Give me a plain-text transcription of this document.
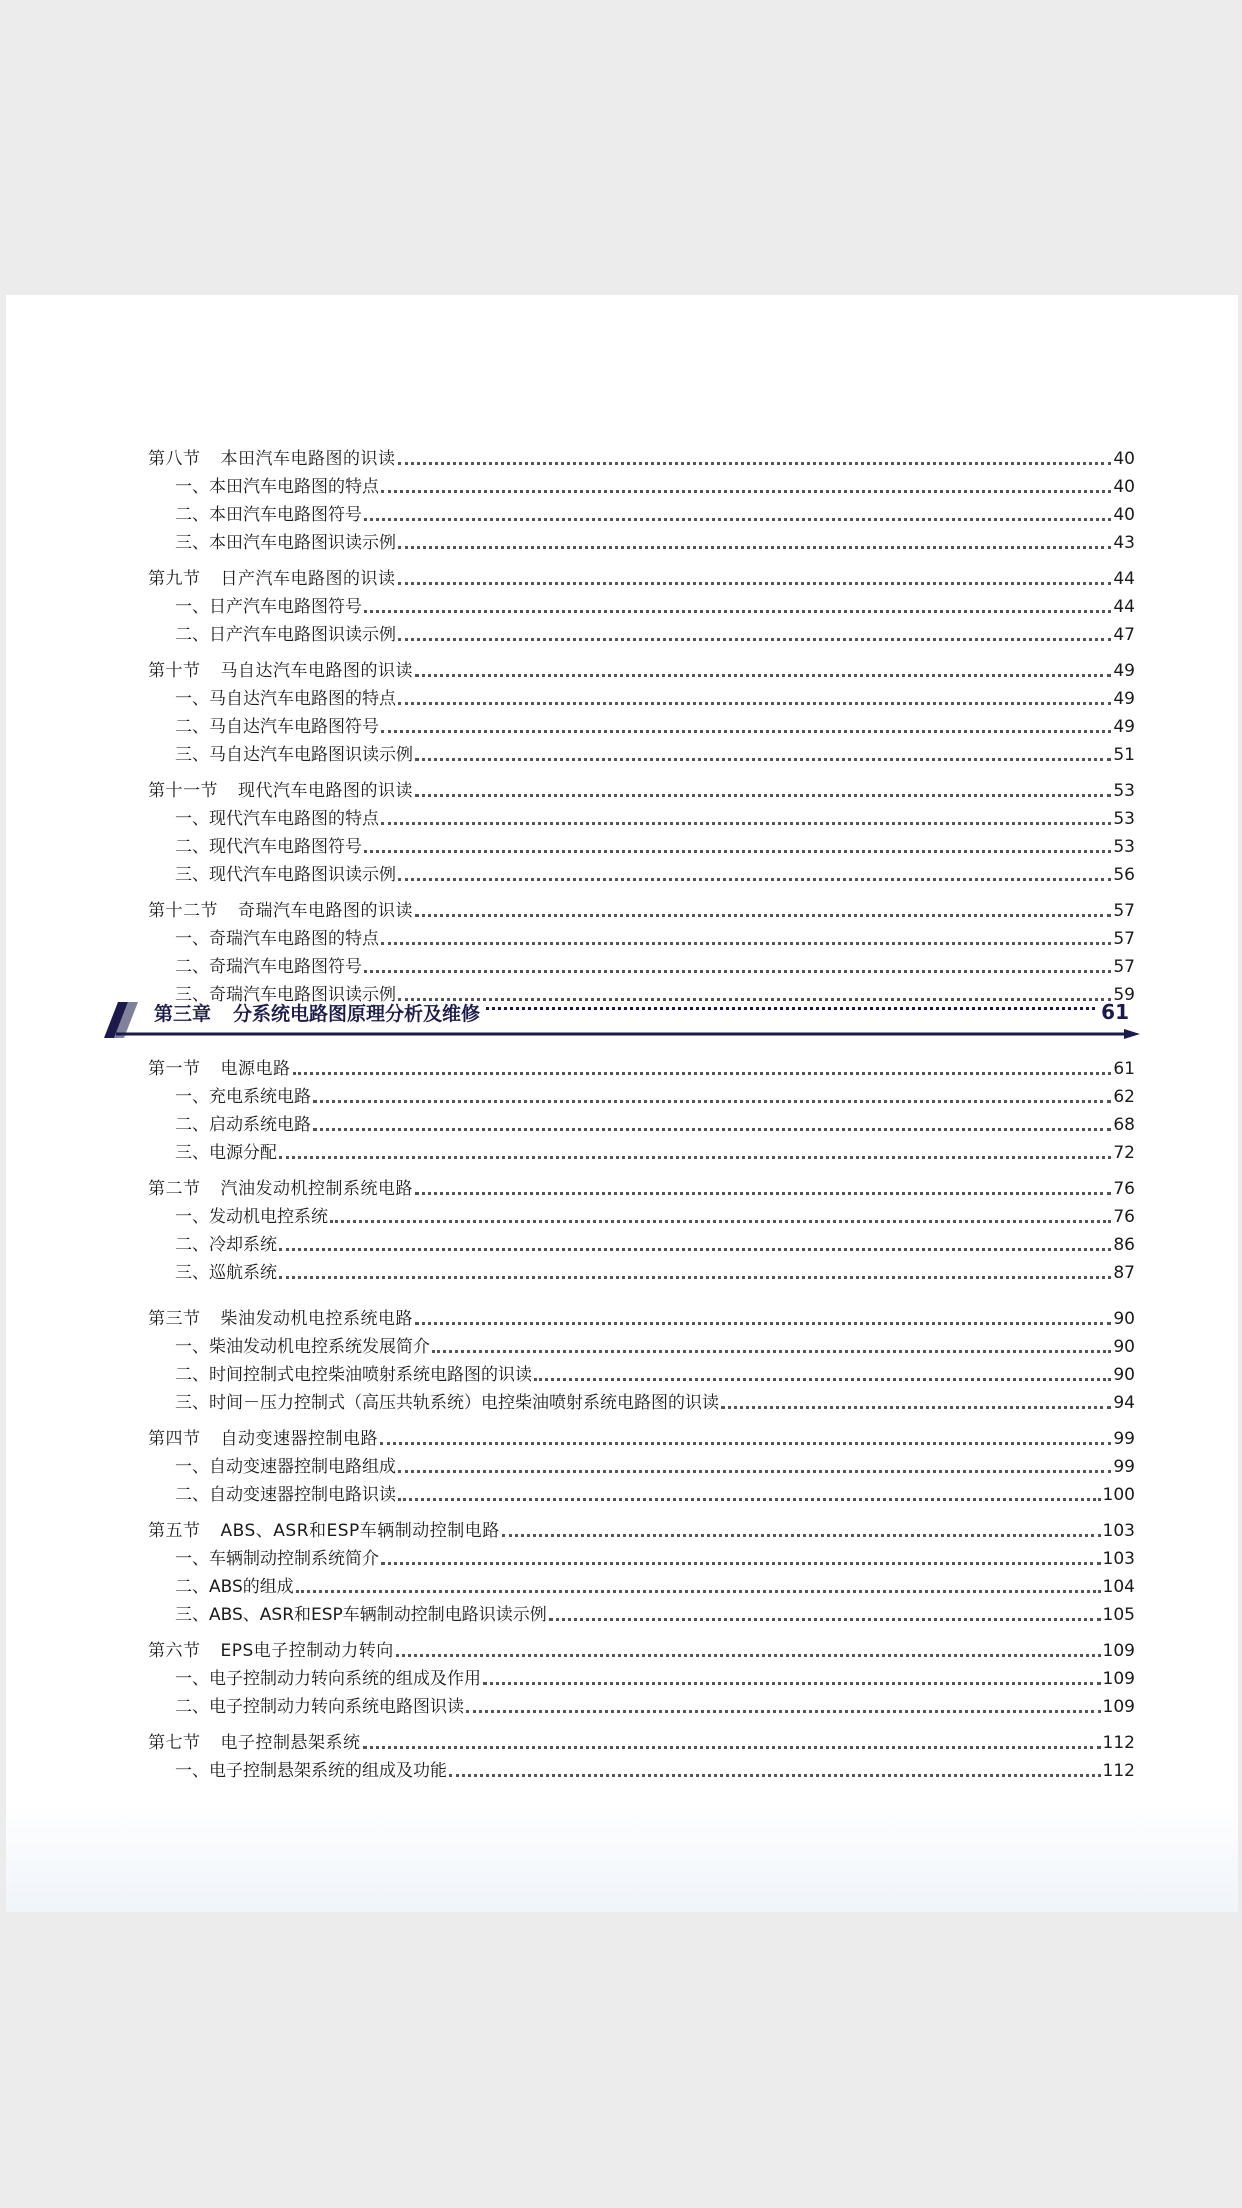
第八节 本田汽车电路图的识读	40
一、本田汽车电路图的特点	40
二、本田汽车电路图符号	40
三、本田汽车电路图识读示例	43
第九节 日产汽车电路图的识读	44
一、日产汽车电路图符号	44
二、日产汽车电路图识读示例	47
第十节 马自达汽车电路图的识读	49
一、马自达汽车电路图的特点	49
二、马自达汽车电路图符号	49
三、马自达汽车电路图识读示例	51
第十一节 现代汽车电路图的识读	53
一、现代汽车电路图的特点	53
二、现代汽车电路图符号	53
三、现代汽车电路图识读示例	56
第十二节 奇瑞汽车电路图的识读	57
一、奇瑞汽车电路图的特点	57
二、奇瑞汽车电路图符号	57
三、奇瑞汽车电路图识读示例	59
第三章 分系统电路图原理分析及维修	61
第一节 电源电路	61
一、充电系统电路	62
二、启动系统电路	68
三、电源分配	72
第二节 汽油发动机控制系统电路	76
一、发动机电控系统	76
二、冷却系统	86
三、巡航系统	87
第三节 柴油发动机电控系统电路	90
一、柴油发动机电控系统发展简介	90
二、时间控制式电控柴油喷射系统电路图的识读	90
三、时间－压力控制式（高压共轨系统）电控柴油喷射系统电路图的识读	94
第四节 自动变速器控制电路	99
一、自动变速器控制电路组成	99
二、自动变速器控制电路识读	100
第五节 ABS、ASR和ESP车辆制动控制电路	103
一、车辆制动控制系统简介	103
二、ABS的组成	104
三、ABS、ASR和ESP车辆制动控制电路识读示例	105
第六节 EPS电子控制动力转向	109
一、电子控制动力转向系统的组成及作用	109
二、电子控制动力转向系统电路图识读	109
第七节 电子控制悬架系统	112
一、电子控制悬架系统的组成及功能	112
